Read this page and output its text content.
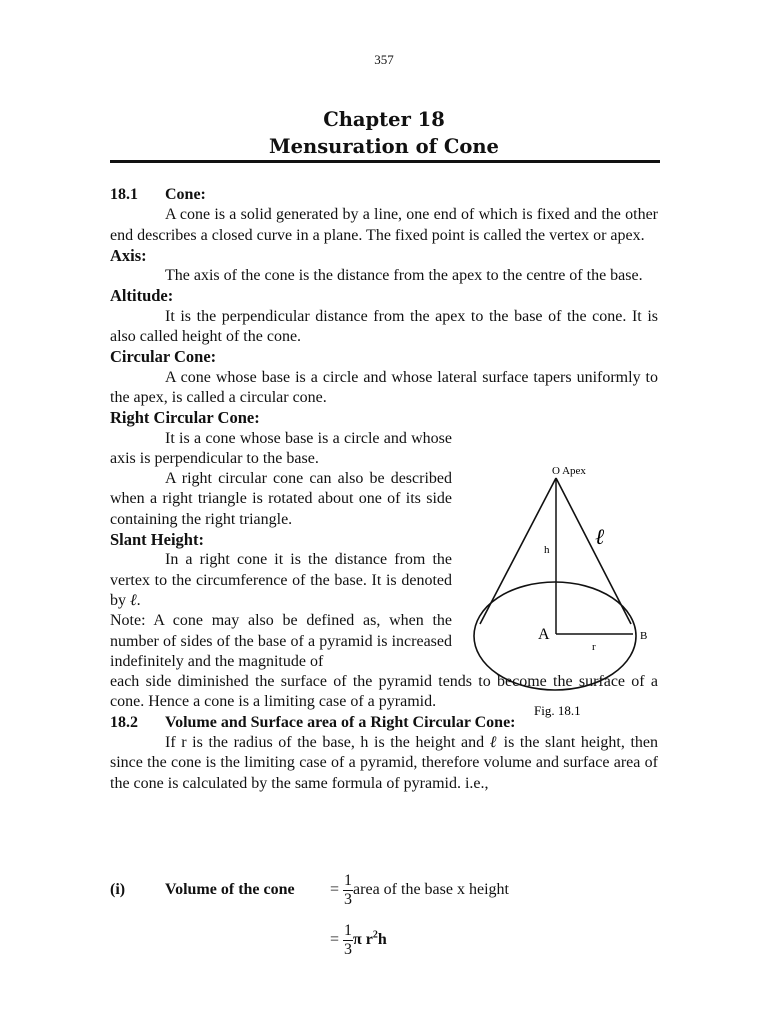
357
Chapter 18
Mensuration of Cone

18.1 Cone:

A cone is a solid generated by a line, one end of which is fixed and the other end describes a closed curve in a plane. The fixed point is called the vertex or apex.

Axis:

The axis of the cone is the distance from the apex to the centre of the base.

Altitude:

It is the perpendicular distance from the apex to the base of the cone. It is also called height of the cone.

Circular Cone:

A cone whose base is a circle and whose lateral surface tapers uniformly to the apex, is called a circular cone.

Right Circular Cone:

It is a cone whose base is a circle and whose axis is perpendicular to the base.

A right circular cone can also be described when a right triangle is rotated about one of its side containing the right triangle.

Slant Height:

In a right cone it is the distance from the vertex to the circumference of the base. It is denoted by ℓ.

Note: A cone may also be defined as, when the number of sides of the base of a pyramid is increased indefinitely and the magnitude of

each side diminished the surface of the pyramid tends to become the surface of a cone. Hence a cone is a limiting case of a pyramid.

18.2 Volume and Surface area of a Right Circular Cone:

If r is the radius of the base, h is the height and ℓ is the slant height, then since the cone is the limiting case of a pyramid, therefore volume and surface area of the cone is calculated by the same formula of pyramid. i.e.,

O Apex
h
ℓ
A	B
r
Fig. 18.1
(i) Volume of the cone = $\frac{1}{3}$ area of the base x height
= $\frac{1}{3}$ π $r^2h$
